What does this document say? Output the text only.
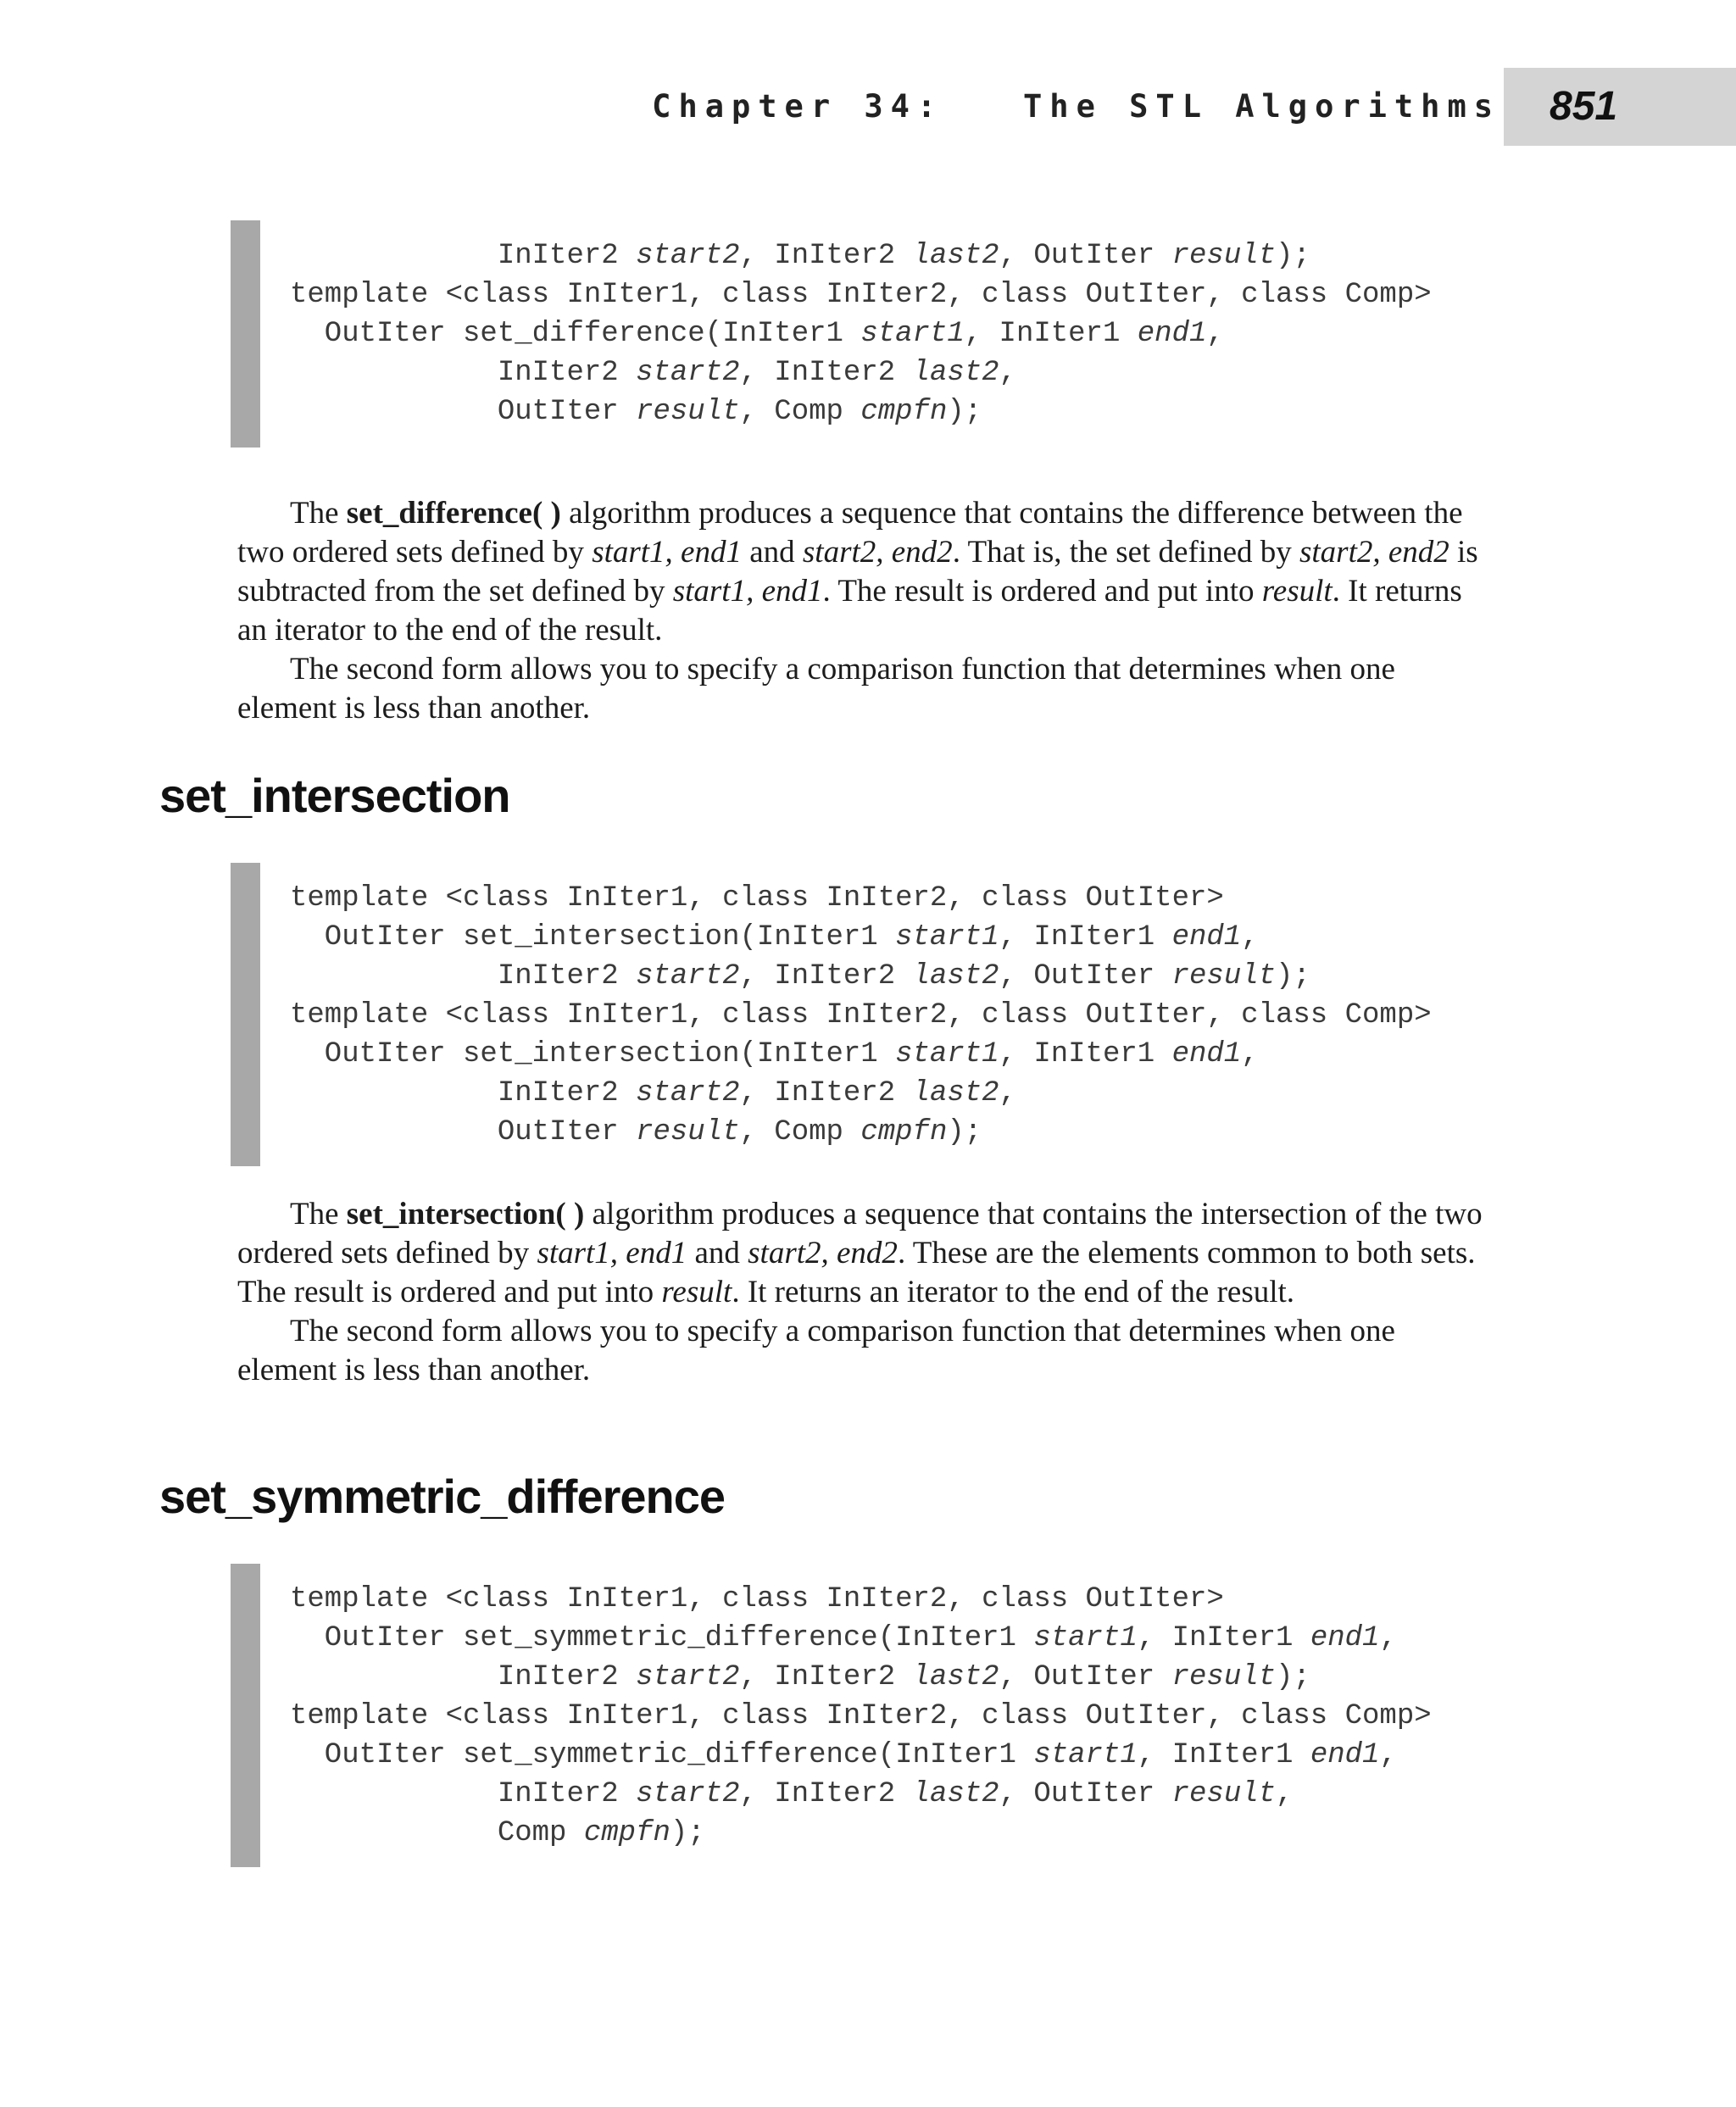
Chapter 34:   The STL Algorithms 851
InIter2 start2, InIter2 last2, OutIter result);
template <class InIter1, class InIter2, class OutIter, class Comp>
OutIter set_difference(InIter1 start1, InIter1 end1,
InIter2 start2, InIter2 last2,
OutIter result, Comp cmpfn);

The set_difference( ) algorithm produces a sequence that contains the difference between the two ordered sets defined by start1, end1 and start2, end2. That is, the set defined by start2, end2 is subtracted from the set defined by start1, end1. The result is ordered and put into result. It returns an iterator to the end of the result.

The second form allows you to specify a comparison function that determines when one element is less than another.

set_intersection
template <class InIter1, class InIter2, class OutIter>
OutIter set_intersection(InIter1 start1, InIter1 end1,
InIter2 start2, InIter2 last2, OutIter result);
template <class InIter1, class InIter2, class OutIter, class Comp>
OutIter set_intersection(InIter1 start1, InIter1 end1,
InIter2 start2, InIter2 last2,
OutIter result, Comp cmpfn);

The set_intersection( ) algorithm produces a sequence that contains the intersection of the two ordered sets defined by start1, end1 and start2, end2. These are the elements common to both sets. The result is ordered and put into result. It returns an iterator to the end of the result.

The second form allows you to specify a comparison function that determines when one element is less than another.

set_symmetric_difference
template <class InIter1, class InIter2, class OutIter>
OutIter set_symmetric_difference(InIter1 start1, InIter1 end1,
InIter2 start2, InIter2 last2, OutIter result);
template <class InIter1, class InIter2, class OutIter, class Comp>
OutIter set_symmetric_difference(InIter1 start1, InIter1 end1,
InIter2 start2, InIter2 last2, OutIter result,
Comp cmpfn);
